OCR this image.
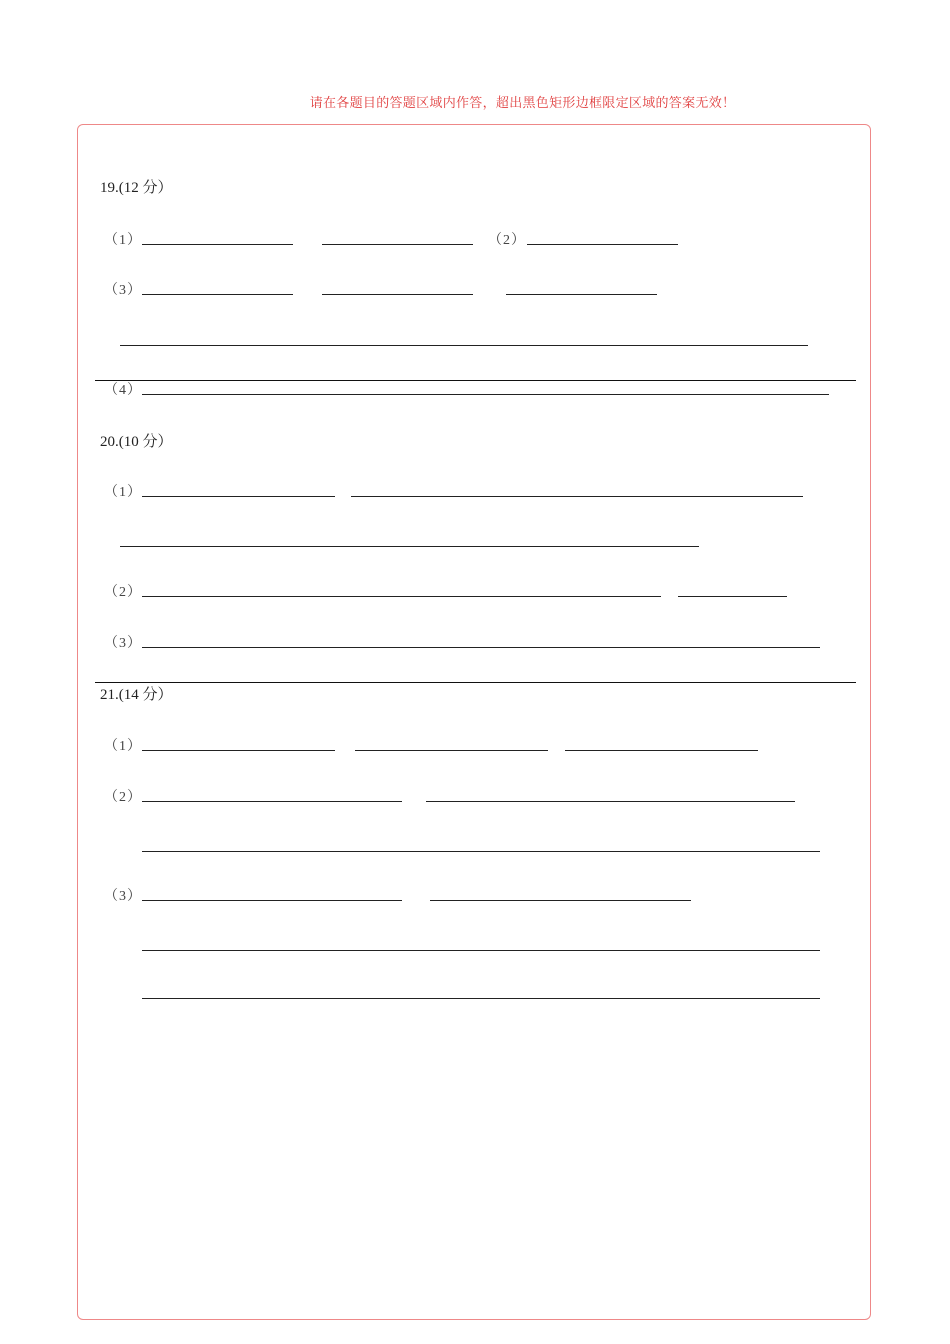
请在各题目的答题区域内作答，超出黑色矩形边框限定区域的答案无效！
19.(12 分）
（1）	（2）
（3）
（4）
20.(10 分）
（1）
（2）
（3）
21.(14 分）
（1）
（2）
（3）
